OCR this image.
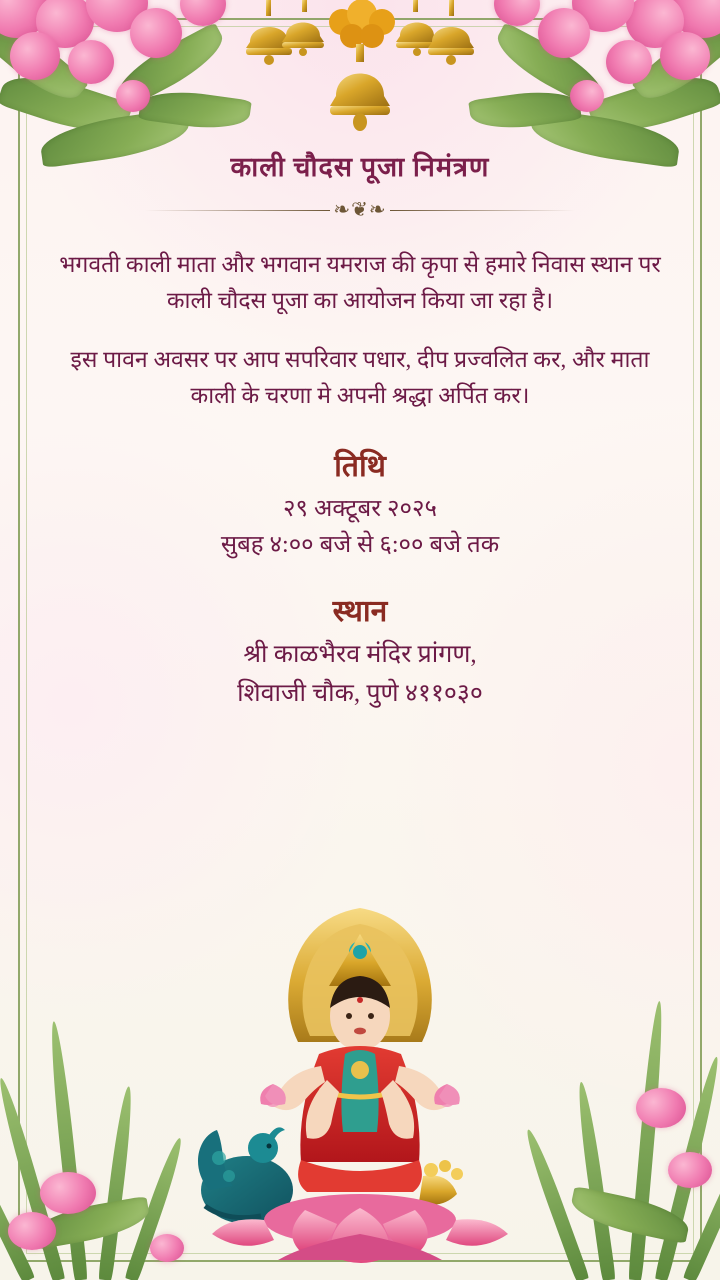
काली चौदस पूजा निमंत्रण
❧❦❧

भगवती काली माता और भगवान यमराज की कृपा से हमारे निवास स्थान पर काली चौदस पूजा का आयोजन किया जा रहा है।

इस पावन अवसर पर आप सपरिवार पधार, दीप प्रज्वलित कर, और माता काली के चरणा मे अपनी श्रद्धा अर्पित कर।

तिथि

२९ अक्टूबर २०२५

सुबह ४:०० बजे से ६:०० बजे तक

स्थान

श्री काळभैरव मंदिर प्रांगण,

शिवाजी चौक, पुणे ४११०३०
